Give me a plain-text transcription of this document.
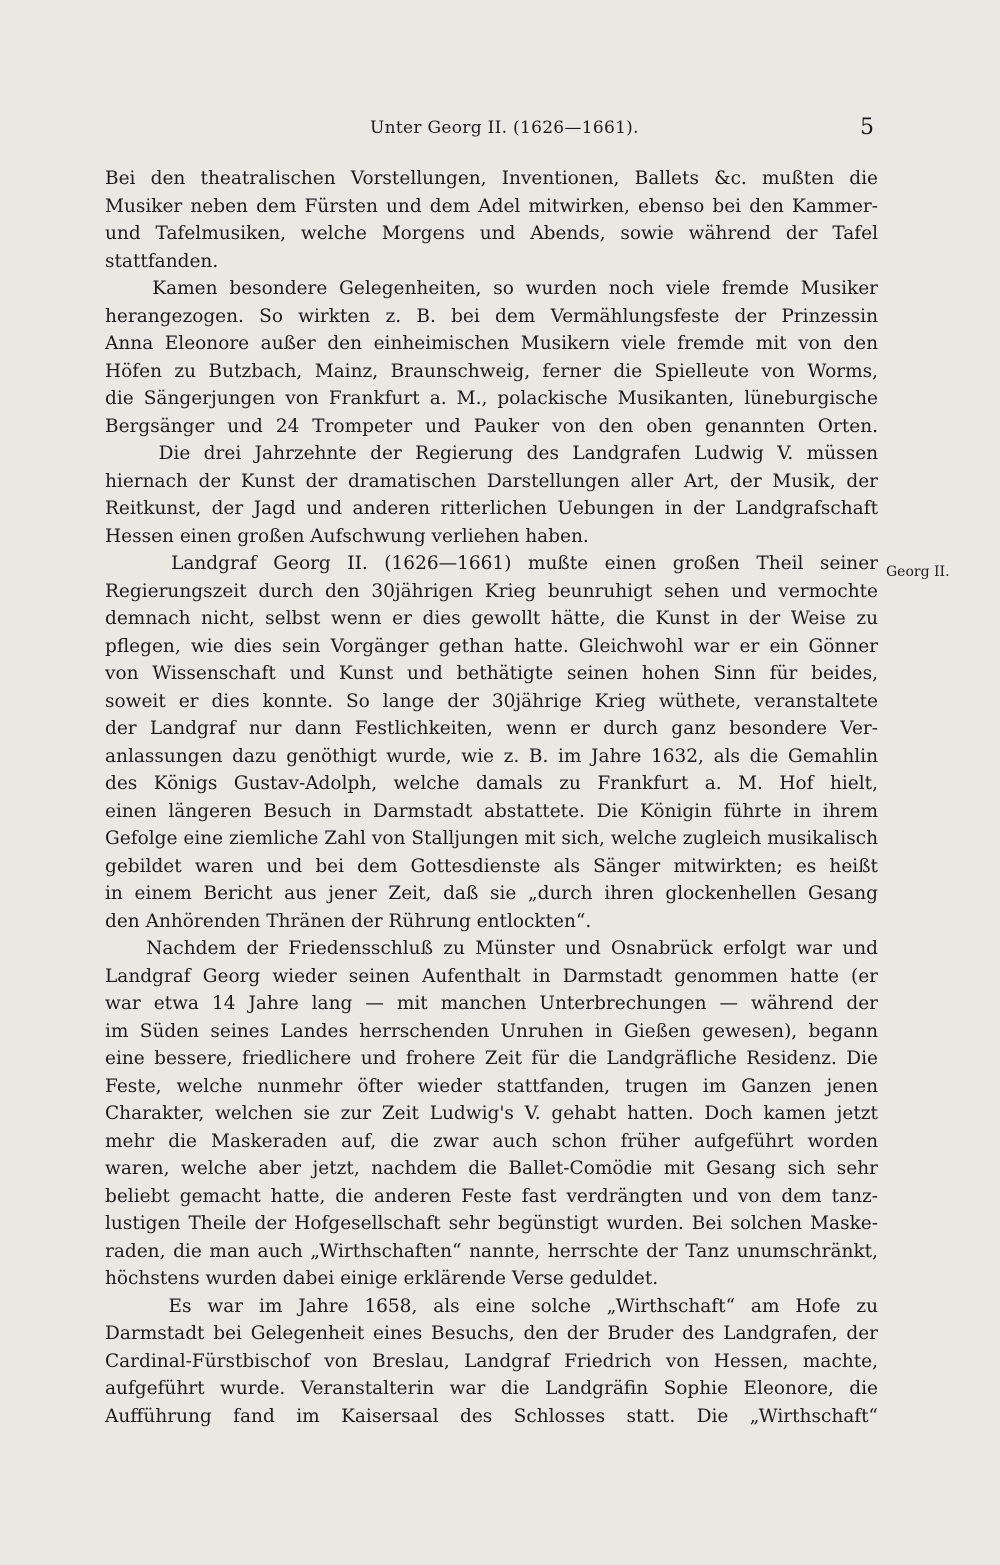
Unter Georg II. (1626—1661).	5
Georg II.
Bei den theatralischen Vorstellungen, Inventionen, Ballets &c. mußten die
Musiker neben dem Fürsten und dem Adel mitwirken, ebenso bei den Kammer-
und Tafelmusiken, welche Morgens und Abends, sowie während der Tafel
stattfanden.
Kamen besondere Gelegenheiten, so wurden noch viele fremde Musiker
herangezogen. So wirkten z. B. bei dem Vermählungsfeste der Prinzessin
Anna Eleonore außer den einheimischen Musikern viele fremde mit von den
Höfen zu Butzbach, Mainz, Braunschweig, ferner die Spielleute von Worms,
die Sängerjungen von Frankfurt a. M., polackische Musikanten, lüneburgische
Bergsänger und 24 Trompeter und Pauker von den oben genannten Orten.
Die drei Jahrzehnte der Regierung des Landgrafen Ludwig V. müssen
hiernach der Kunst der dramatischen Darstellungen aller Art, der Musik, der
Reitkunst, der Jagd und anderen ritterlichen Uebungen in der Landgrafschaft
Hessen einen großen Aufschwung verliehen haben.
Landgraf Georg II. (1626—1661) mußte einen großen Theil seiner
Regierungszeit durch den 30jährigen Krieg beunruhigt sehen und vermochte
demnach nicht, selbst wenn er dies gewollt hätte, die Kunst in der Weise zu
pflegen, wie dies sein Vorgänger gethan hatte. Gleichwohl war er ein Gönner
von Wissenschaft und Kunst und bethätigte seinen hohen Sinn für beides,
soweit er dies konnte. So lange der 30jährige Krieg wüthete, veranstaltete
der Landgraf nur dann Festlichkeiten, wenn er durch ganz besondere Ver-
anlassungen dazu genöthigt wurde, wie z. B. im Jahre 1632, als die Gemahlin
des Königs Gustav-Adolph, welche damals zu Frankfurt a. M. Hof hielt,
einen längeren Besuch in Darmstadt abstattete. Die Königin führte in ihrem
Gefolge eine ziemliche Zahl von Stalljungen mit sich, welche zugleich musikalisch
gebildet waren und bei dem Gottesdienste als Sänger mitwirkten; es heißt
in einem Bericht aus jener Zeit, daß sie „durch ihren glockenhellen Gesang
den Anhörenden Thränen der Rührung entlockten“.
Nachdem der Friedensschluß zu Münster und Osnabrück erfolgt war und
Landgraf Georg wieder seinen Aufenthalt in Darmstadt genommen hatte (er
war etwa 14 Jahre lang — mit manchen Unterbrechungen — während der
im Süden seines Landes herrschenden Unruhen in Gießen gewesen), begann
eine bessere, friedlichere und frohere Zeit für die Landgräfliche Residenz. Die
Feste, welche nunmehr öfter wieder stattfanden, trugen im Ganzen jenen
Charakter, welchen sie zur Zeit Ludwig's V. gehabt hatten. Doch kamen jetzt
mehr die Maskeraden auf, die zwar auch schon früher aufgeführt worden
waren, welche aber jetzt, nachdem die Ballet-Comödie mit Gesang sich sehr
beliebt gemacht hatte, die anderen Feste fast verdrängten und von dem tanz-
lustigen Theile der Hofgesellschaft sehr begünstigt wurden. Bei solchen Maske-
raden, die man auch „Wirthschaften“ nannte, herrschte der Tanz unumschränkt,
höchstens wurden dabei einige erklärende Verse geduldet.
Es war im Jahre 1658, als eine solche „Wirthschaft“ am Hofe zu
Darmstadt bei Gelegenheit eines Besuchs, den der Bruder des Landgrafen, der
Cardinal-Fürstbischof von Breslau, Landgraf Friedrich von Hessen, machte,
aufgeführt wurde. Veranstalterin war die Landgräfin Sophie Eleonore, die
Aufführung fand im Kaisersaal des Schlosses statt. Die „Wirthschaft“
